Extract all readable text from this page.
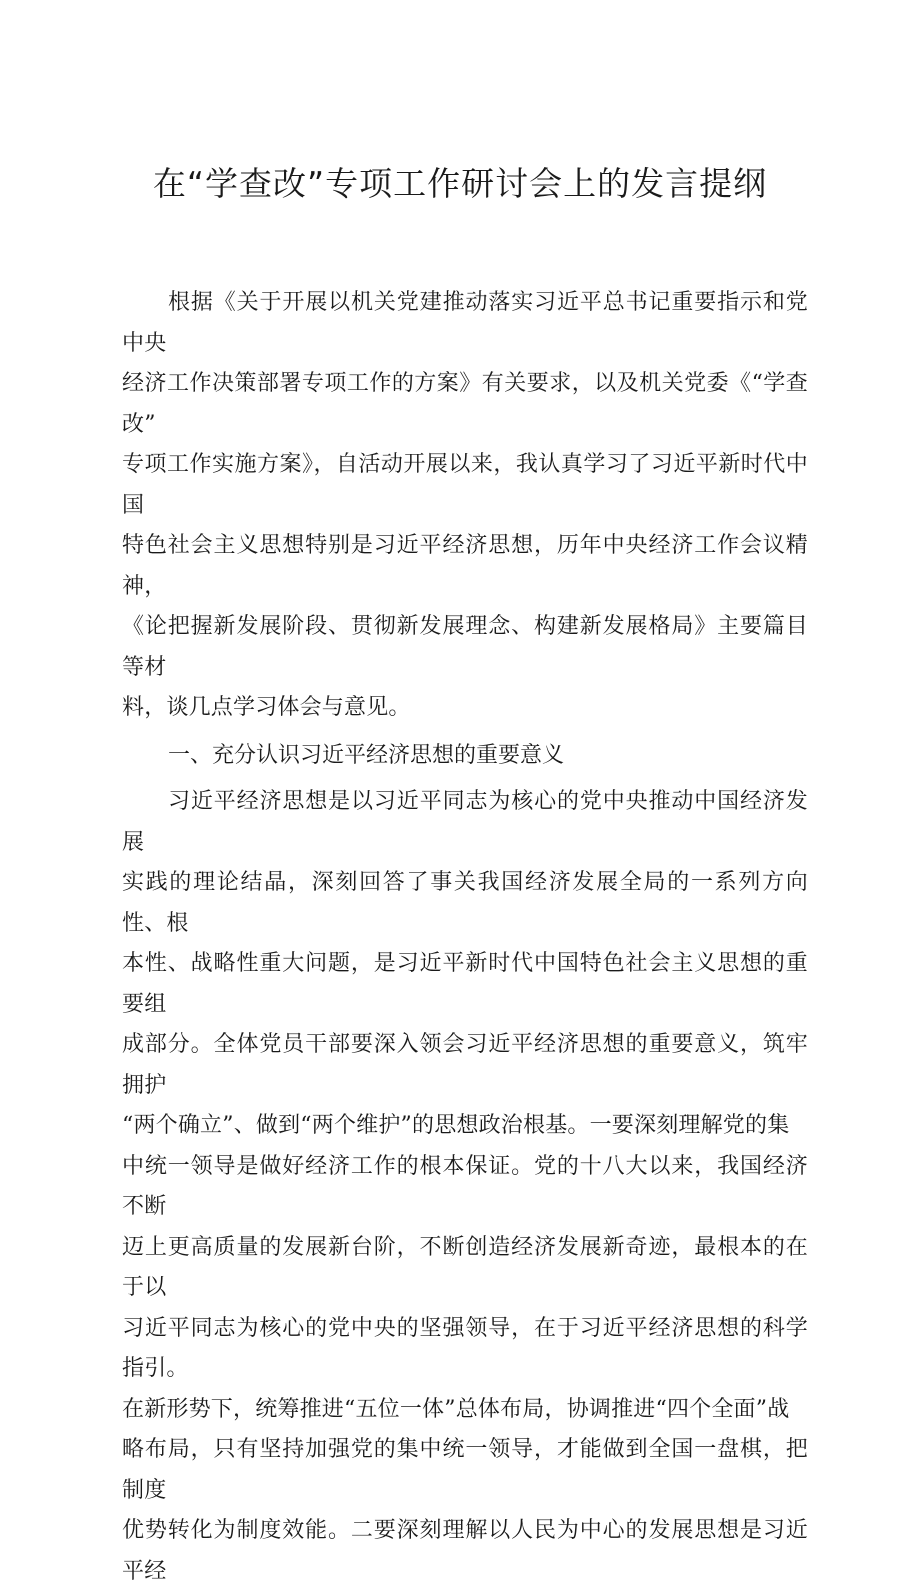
在“学查改”专项工作研讨会上的发言提纲

根据《关于开展以机关党建推动落实习近平总书记重要指示和党中央
经济工作决策部署专项工作的方案》有关要求，以及机关党委《“学查改”
专项工作实施方案》，自活动开展以来，我认真学习了习近平新时代中国
特色社会主义思想特别是习近平经济思想，历年中央经济工作会议精神，
《论把握新发展阶段、贯彻新发展理念、构建新发展格局》主要篇目等材
料，谈几点学习体会与意见。

一、充分认识习近平经济思想的重要意义

习近平经济思想是以习近平同志为核心的党中央推动中国经济发展
实践的理论结晶，深刻回答了事关我国经济发展全局的一系列方向性、根
本性、战略性重大问题，是习近平新时代中国特色社会主义思想的重要组
成部分。全体党员干部要深入领会习近平经济思想的重要意义，筑牢拥护
“两个确立”、做到“两个维护”的思想政治根基。一要深刻理解党的集
中统一领导是做好经济工作的根本保证。党的十八大以来，我国经济不断
迈上更高质量的发展新台阶，不断创造经济发展新奇迹，最根本的在于以
习近平同志为核心的党中央的坚强领导，在于习近平经济思想的科学指引。
在新形势下，统筹推进“五位一体”总体布局，协调推进“四个全面”战
略布局，只有坚持加强党的集中统一领导，才能做到全国一盘棋，把制度
优势转化为制度效能。二要深刻理解以人民为中心的发展思想是习近平经
